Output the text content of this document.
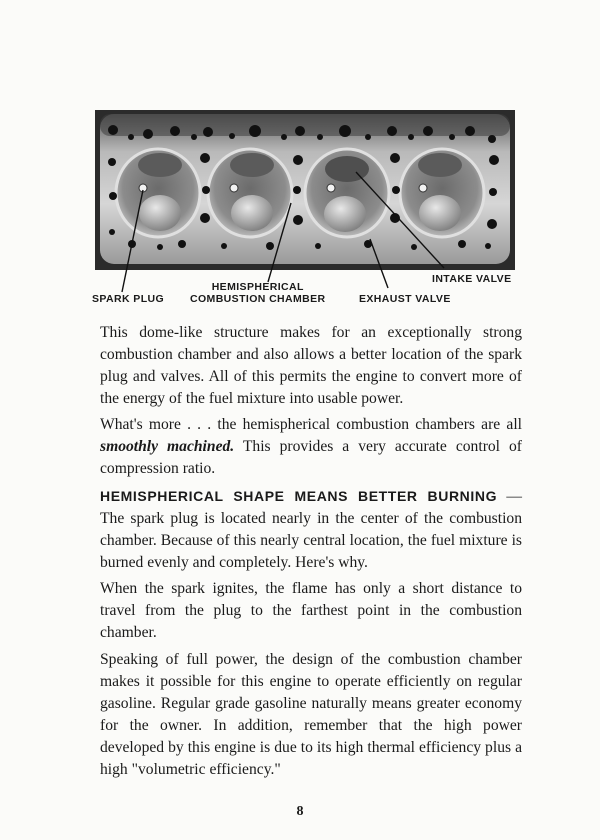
SPARK PLUG
HEMISPHERICAL
COMBUSTION CHAMBER	EXHAUST VALVE
INTAKE VALVE

This dome-like structure makes for an exceptionally strong combustion chamber and also allows a better location of the spark plug and valves. All of this permits the engine to convert more of the energy of the fuel mixture into usable power.

What's more . . . the hemispherical combustion chambers are all smoothly machined. This provides a very accurate control of compression ratio.

HEMISPHERICAL SHAPE MEANS BETTER BURNING — The spark plug is located nearly in the center of the combustion chamber. Because of this nearly central location, the fuel mixture is burned evenly and completely. Here's why.

When the spark ignites, the flame has only a short distance to travel from the plug to the farthest point in the combustion chamber.

Speaking of full power, the design of the combustion chamber makes it possible for this engine to operate efficiently on regular gasoline. Regular grade gasoline naturally means greater economy for the owner. In addition, remember that the high power developed by this engine is due to its high thermal efficiency plus a high "volumetric efficiency."

8
